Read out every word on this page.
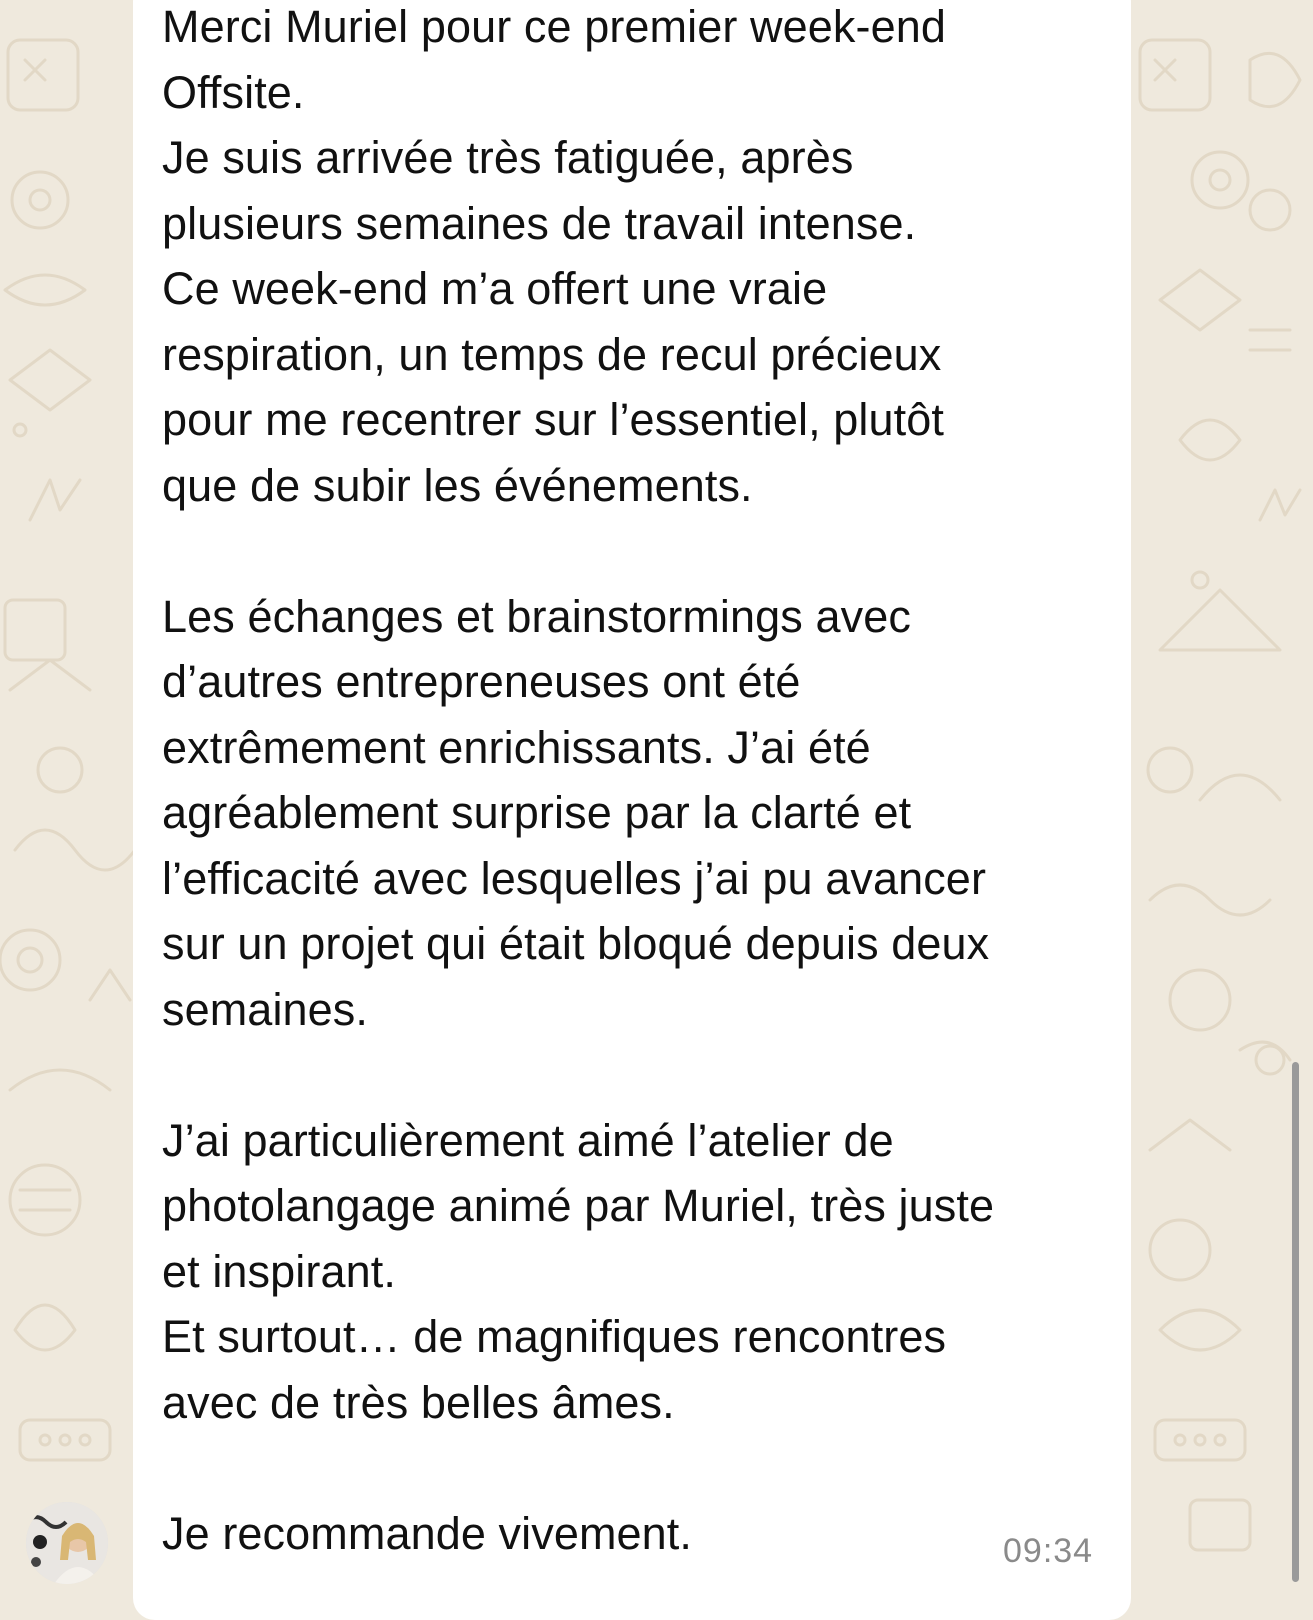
Merci Muriel pour ce premier week-end
Offsite.
Je suis arrivée très fatiguée, après
plusieurs semaines de travail intense.
Ce week-end m’a offert une vraie
respiration, un temps de recul précieux
pour me recentrer sur l’essentiel, plutôt
que de subir les événements.

Les échanges et brainstormings avec
d’autres entrepreneuses ont été
extrêmement enrichissants. J’ai été
agréablement surprise par la clarté et
l’efficacité avec lesquelles j’ai pu avancer
sur un projet qui était bloqué depuis deux
semaines.

J’ai particulièrement aimé l’atelier de
photolangage animé par Muriel, très juste
et inspirant.
Et surtout… de magnifiques rencontres
avec de très belles âmes.

Je recommande vivement.	09:34
